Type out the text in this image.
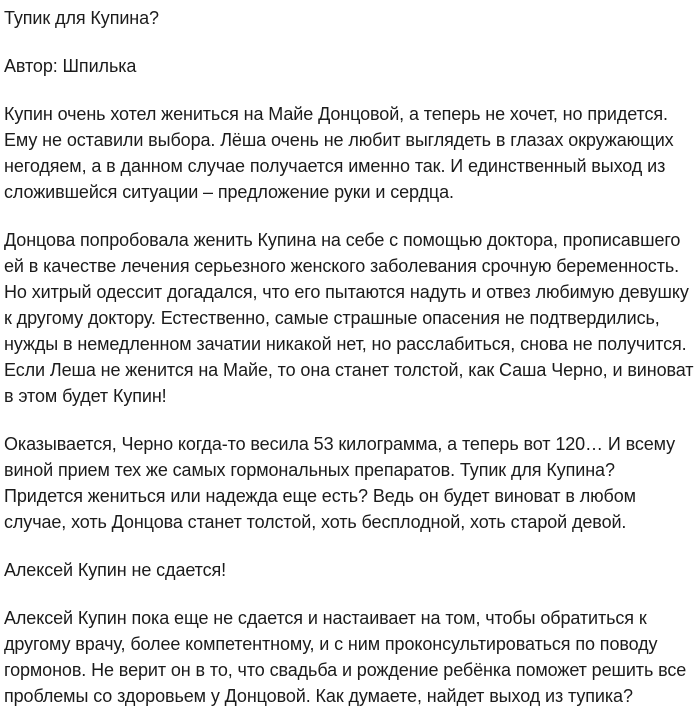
Тупик для Купина?
Автор: Шпилька
Купин очень хотел жениться на Майе Донцовой, а теперь не хочет, но придется.
Ему не оставили выбора. Лёша очень не любит выглядеть в глазах окружающих
негодяем, а в данном случае получается именно так. И единственный выход из
сложившейся ситуации – предложение руки и сердца.
Донцова попробовала женить Купина на себе с помощью доктора, прописавшего
ей в качестве лечения серьезного женского заболевания срочную беременность.
Но хитрый одессит догадался, что его пытаются надуть и отвез любимую девушку
к другому доктору. Естественно, самые страшные опасения не подтвердились,
нужды в немедленном зачатии никакой нет, но расслабиться, снова не получится.
Если Леша не женится на Майе, то она станет толстой, как Саша Черно, и виноват
в этом будет Купин!
Оказывается, Черно когда-то весила 53 килограмма, а теперь вот 120… И всему
виной прием тех же самых гормональных препаратов. Тупик для Купина?
Придется жениться или надежда еще есть? Ведь он будет виноват в любом
случае, хоть Донцова станет толстой, хоть бесплодной, хоть старой девой.
Алексей Купин не сдается!
Алексей Купин пока еще не сдается и настаивает на том, чтобы обратиться к
другому врачу, более компетентному, и с ним проконсультироваться по поводу
гормонов. Не верит он в то, что свадьба и рождение ребёнка поможет решить все
проблемы со здоровьем у Донцовой. Как думаете, найдет выход из тупика?
